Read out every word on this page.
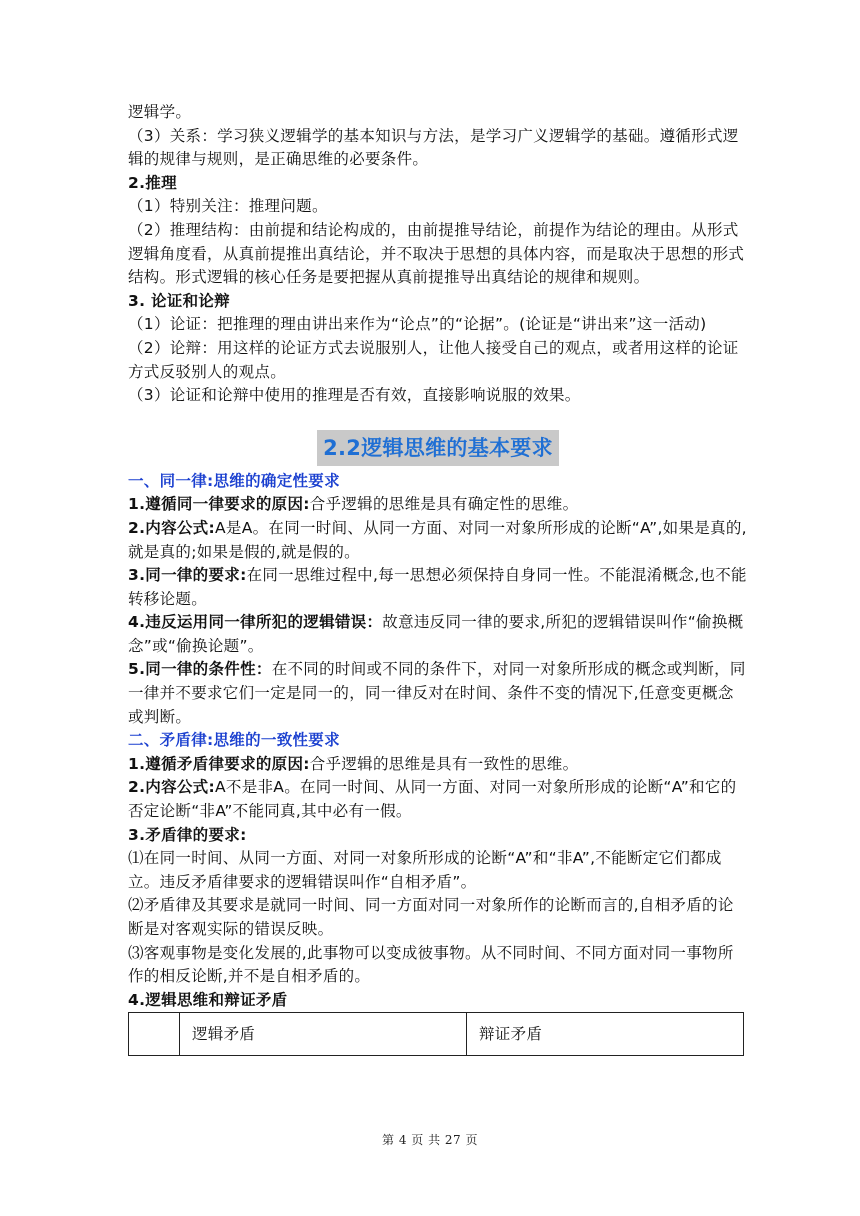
逻辑学。

（3）关系：学习狭义逻辑学的基本知识与方法，是学习广义逻辑学的基础。遵循形式逻辑的规律与规则，是正确思维的必要条件。

2.推理

（1）特别关注：推理问题。

（2）推理结构：由前提和结论构成的，由前提推导结论，前提作为结论的理由。从形式逻辑角度看，从真前提推出真结论，并不取决于思想的具体内容，而是取决于思想的形式结构。形式逻辑的核心任务是要把握从真前提推导出真结论的规律和规则。

3. 论证和论辩

（1）论证：把推理的理由讲出来作为“论点”的“论据”。(论证是“讲出来”这一活动)

（2）论辩：用这样的论证方式去说服别人，让他人接受自己的观点，或者用这样的论证方式反驳别人的观点。

（3）论证和论辩中使用的推理是否有效，直接影响说服的效果。

2.2逻辑思维的基本要求

一、同一律:思维的确定性要求

1.遵循同一律要求的原因:合乎逻辑的思维是具有确定性的思维。

2.内容公式:A是A。在同一时间、从同一方面、对同一对象所形成的论断“A”,如果是真的,就是真的;如果是假的,就是假的。

3.同一律的要求:在同一思维过程中,每一思想必须保持自身同一性。不能混淆概念,也不能转移论题。

4.违反运用同一律所犯的逻辑错误：故意违反同一律的要求,所犯的逻辑错误叫作“偷换概念”或“偷换论题”。

5.同一律的条件性：在不同的时间或不同的条件下，对同一对象所形成的概念或判断，同一律并不要求它们一定是同一的，同一律反对在时间、条件不变的情况下,任意变更概念或判断。

二、矛盾律:思维的一致性要求

1.遵循矛盾律要求的原因:合乎逻辑的思维是具有一致性的思维。

2.内容公式:A不是非A。在同一时间、从同一方面、对同一对象所形成的论断“A”和它的否定论断“非A”不能同真,其中必有一假。

3.矛盾律的要求:

⑴在同一时间、从同一方面、对同一对象所形成的论断“A”和“非A”,不能断定它们都成立。违反矛盾律要求的逻辑错误叫作“自相矛盾”。

⑵矛盾律及其要求是就同一时间、同一方面对同一对象所作的论断而言的,自相矛盾的论断是对客观实际的错误反映。

⑶客观事物是变化发展的,此事物可以变成彼事物。从不同时间、不同方面对同一事物所作的相反论断,并不是自相矛盾的。

4.逻辑思维和辩证矛盾

	逻辑矛盾	辩证矛盾
第 4 页 共 27 页
